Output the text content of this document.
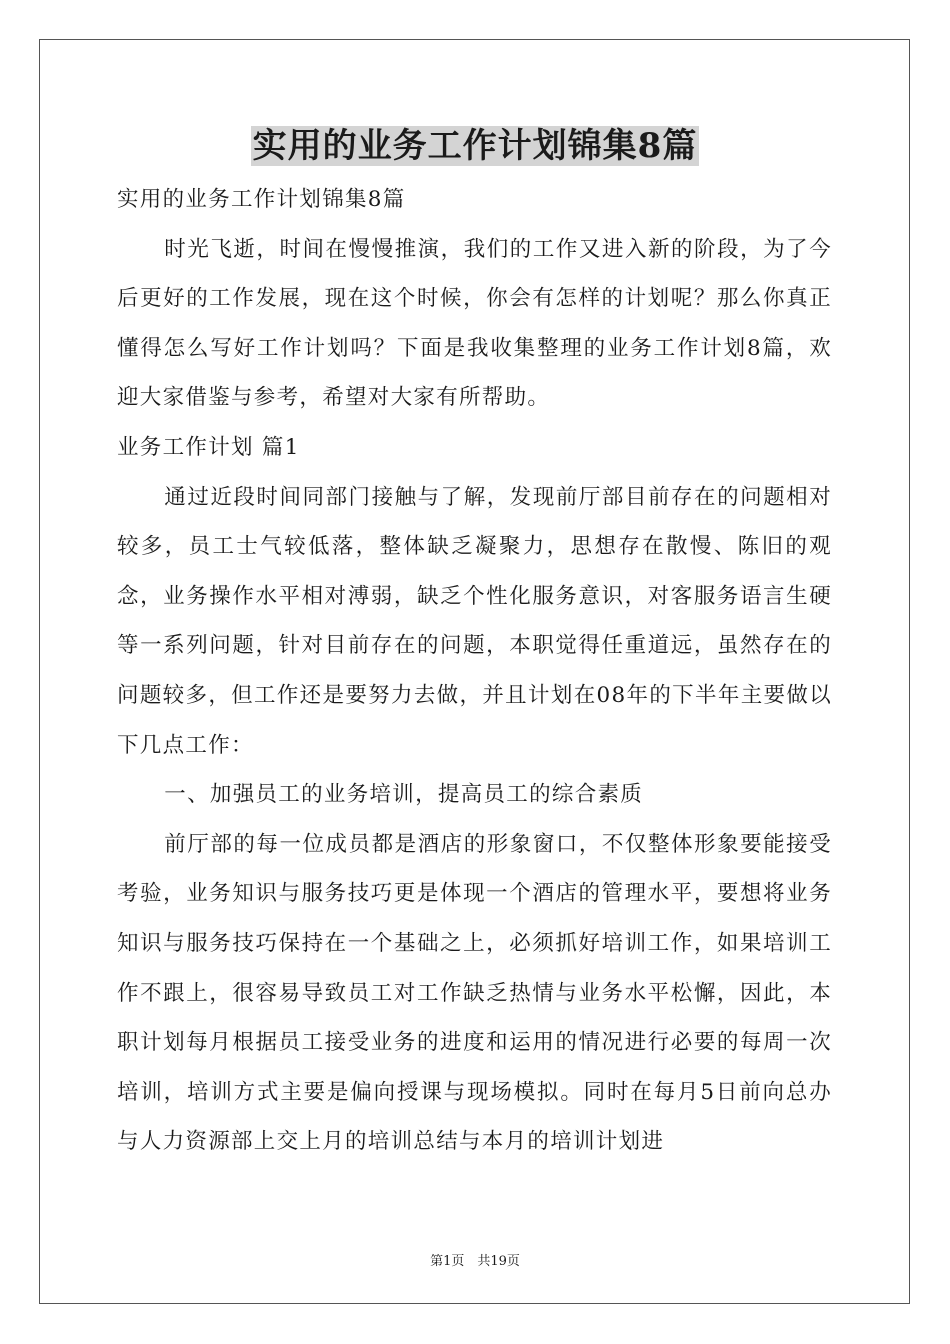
实用的业务工作计划锦集8篇

实用的业务工作计划锦集8篇

时光飞逝，时间在慢慢推演，我们的工作又进入新的阶段，为了今后更好的工作发展，现在这个时候，你会有怎样的计划呢？那么你真正懂得怎么写好工作计划吗？下面是我收集整理的业务工作计划8篇，欢迎大家借鉴与参考，希望对大家有所帮助。

业务工作计划 篇1

通过近段时间同部门接触与了解，发现前厅部目前存在的问题相对较多，员工士气较低落，整体缺乏凝聚力，思想存在散慢、陈旧的观念，业务操作水平相对溥弱，缺乏个性化服务意识，对客服务语言生硬等一系列问题，针对目前存在的问题，本职觉得任重道远，虽然存在的问题较多，但工作还是要努力去做，并且计划在08年的下半年主要做以下几点工作：

一、加强员工的业务培训，提高员工的综合素质

前厅部的每一位成员都是酒店的形象窗口，不仅整体形象要能接受考验，业务知识与服务技巧更是体现一个酒店的管理水平，要想将业务知识与服务技巧保持在一个基础之上，必须抓好培训工作，如果培训工作不跟上，很容易导致员工对工作缺乏热情与业务水平松懈，因此，本职计划每月根据员工接受业务的进度和运用的情况进行必要的每周一次培训，培训方式主要是偏向授课与现场模拟。同时在每月5日前向总办与人力资源部上交上月的培训总结与本月的培训计划进

第1页　共19页
